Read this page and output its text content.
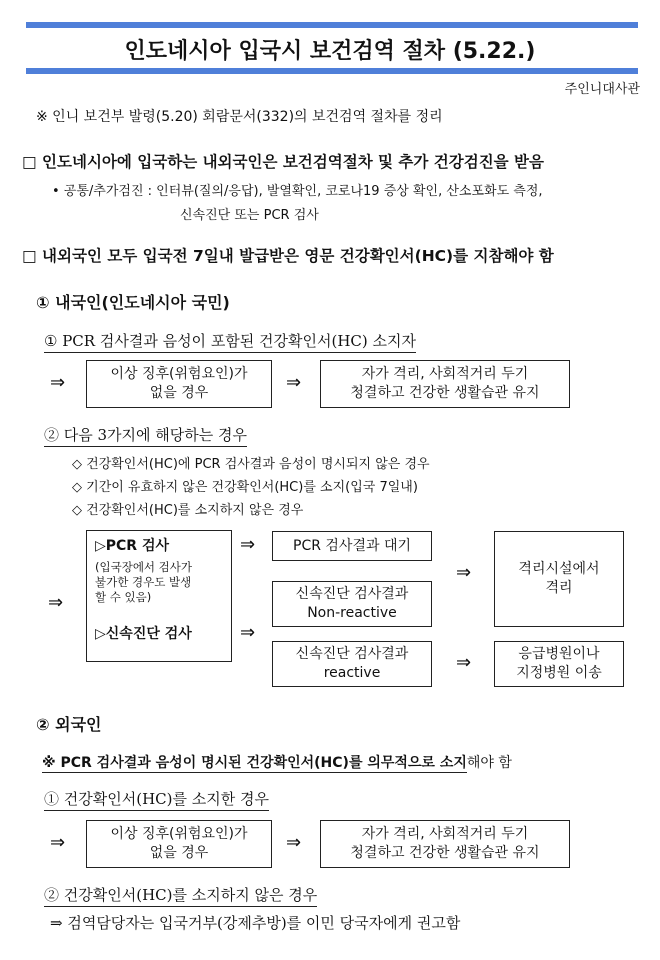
인도네시아 입국시 보건검역 절차 (5.22.)
주인니대사관
※ 인니 보건부 발령(5.20) 회람문서(332)의 보건검역 절차를 정리
□ 인도네시아에 입국하는 내외국인은 보건검역절차 및 추가 건강검진을 받음
• 공통/추가검진 : 인터뷰(질의/응답), 발열확인, 코로나19 증상 확인, 산소포화도 측정,
신속진단 또는 PCR 검사
□ 내외국인 모두 입국전 7일내 발급받은 영문 건강확인서(HC)를 지참해야 함
① 내국인(인도네시아 국민)
① PCR 검사결과 음성이 포함된 건강확인서(HC) 소지자
⇒	이상 징후(위험요인)가
없을 경우	⇒	자가 격리, 사회적거리 두기
청결하고 건강한 생활습관 유지
② 다음 3가지에 해당하는 경우
◇ 건강확인서(HC)에 PCR 검사결과 음성이 명시되지 않은 경우
◇ 기간이 유효하지 않은 건강확인서(HC)를 소지(입국 7일내)
◇ 건강확인서(HC)를 소지하지 않은 경우
⇒
▷PCR 검사
(입국장에서 검사가
불가한 경우도 발생
할 수 있음)
▷신속진단 검사
⇒
⇒
PCR 검사결과 대기
신속진단 검사결과
Non-reactive
신속진단 검사결과
reactive
⇒
⇒
격리시설에서
격리
응급병원이나
지정병원 이송
② 외국인
※ PCR 검사결과 음성이 명시된 건강확인서(HC)를 의무적으로 소지해야 함
① 건강확인서(HC)를 소지한 경우
⇒	이상 징후(위험요인)가
없을 경우	⇒	자가 격리, 사회적거리 두기
청결하고 건강한 생활습관 유지
② 건강확인서(HC)를 소지하지 않은 경우
⇒ 검역담당자는 입국거부(강제추방)를 이민 당국자에게 권고함
